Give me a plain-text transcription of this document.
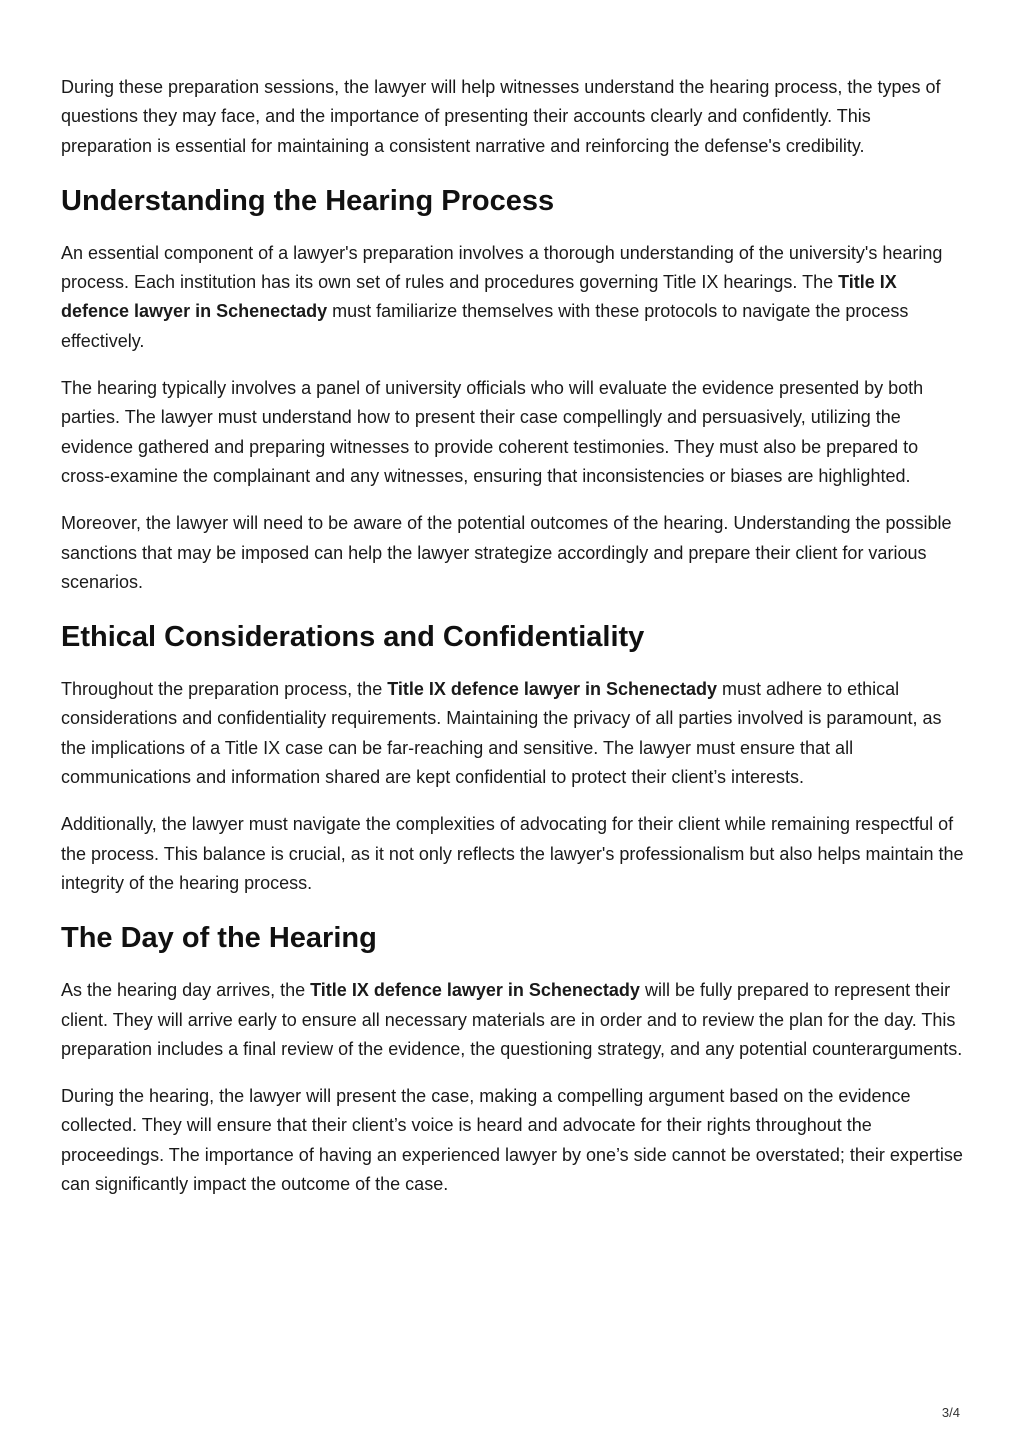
During these preparation sessions, the lawyer will help witnesses understand the hearing process, the types of questions they may face, and the importance of presenting their accounts clearly and confidently. This preparation is essential for maintaining a consistent narrative and reinforcing the defense's credibility.

Understanding the Hearing Process

An essential component of a lawyer's preparation involves a thorough understanding of the university's hearing process. Each institution has its own set of rules and procedures governing Title IX hearings. The Title IX defence lawyer in Schenectady must familiarize themselves with these protocols to navigate the process effectively.

The hearing typically involves a panel of university officials who will evaluate the evidence presented by both parties. The lawyer must understand how to present their case compellingly and persuasively, utilizing the evidence gathered and preparing witnesses to provide coherent testimonies. They must also be prepared to cross-examine the complainant and any witnesses, ensuring that inconsistencies or biases are highlighted.

Moreover, the lawyer will need to be aware of the potential outcomes of the hearing. Understanding the possible sanctions that may be imposed can help the lawyer strategize accordingly and prepare their client for various scenarios.

Ethical Considerations and Confidentiality

Throughout the preparation process, the Title IX defence lawyer in Schenectady must adhere to ethical considerations and confidentiality requirements. Maintaining the privacy of all parties involved is paramount, as the implications of a Title IX case can be far-reaching and sensitive. The lawyer must ensure that all communications and information shared are kept confidential to protect their client’s interests.

Additionally, the lawyer must navigate the complexities of advocating for their client while remaining respectful of the process. This balance is crucial, as it not only reflects the lawyer's professionalism but also helps maintain the integrity of the hearing process.

The Day of the Hearing

As the hearing day arrives, the Title IX defence lawyer in Schenectady will be fully prepared to represent their client. They will arrive early to ensure all necessary materials are in order and to review the plan for the day. This preparation includes a final review of the evidence, the questioning strategy, and any potential counterarguments.

During the hearing, the lawyer will present the case, making a compelling argument based on the evidence collected. They will ensure that their client’s voice is heard and advocate for their rights throughout the proceedings. The importance of having an experienced lawyer by one’s side cannot be overstated; their expertise can significantly impact the outcome of the case.

3/4
